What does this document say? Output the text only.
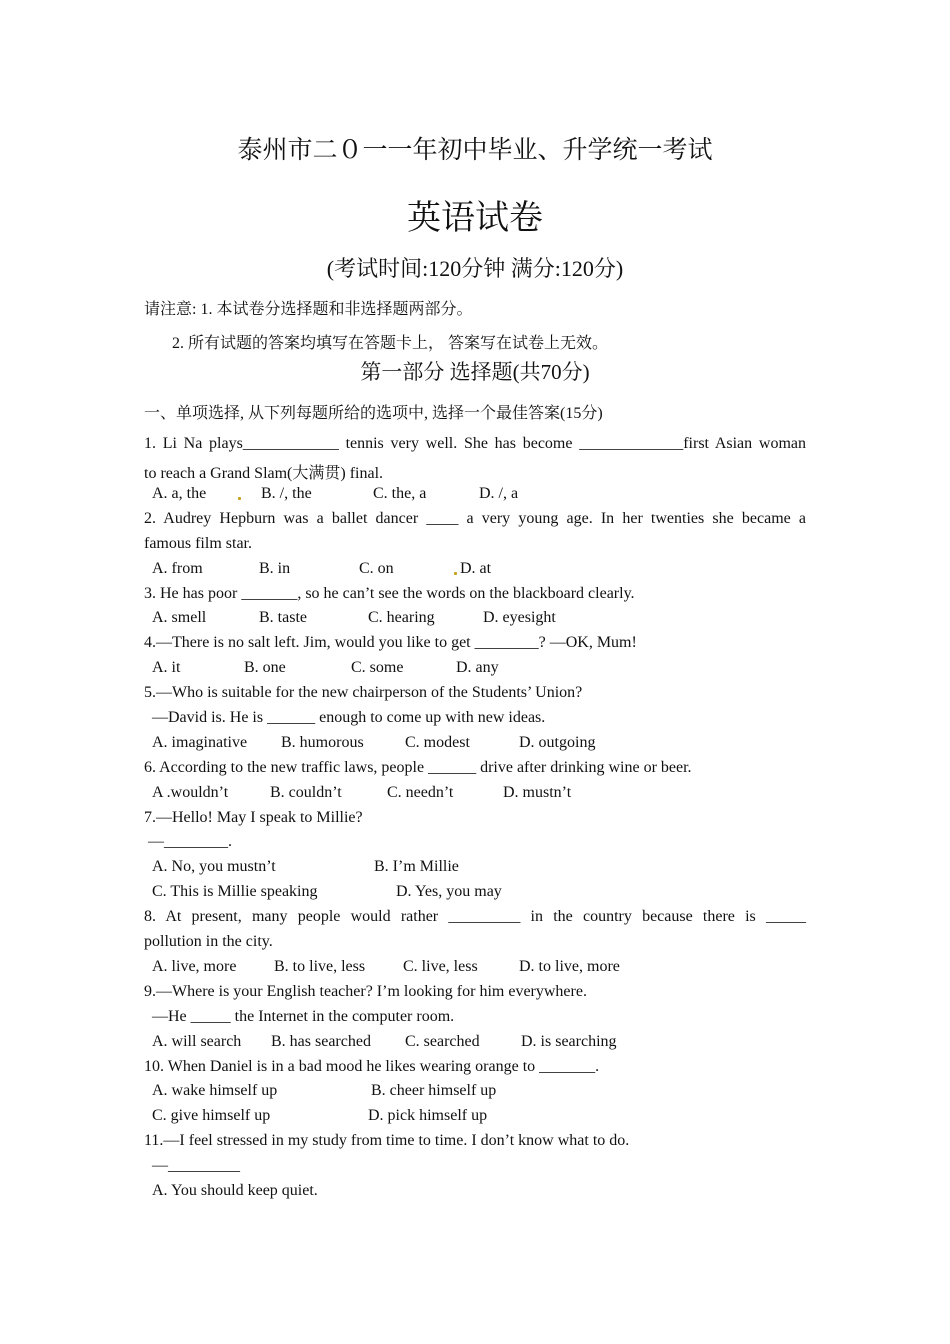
泰州市二０一一年初中毕业、升学统一考试
英语试卷
(考试时间:120分钟 满分:120分)
请注意: 1. 本试卷分选择题和非选择题两部分。
2. 所有试题的答案均填写在答题卡上， 答案写在试卷上无效。
第一部分 选择题(共70分)
一、单项选择, 从下列每题所给的选项中, 选择一个最佳答案(15分)
1. Li Na plays____________ tennis very well. She has become _____________first Asian woman
to reach a Grand Slam(大满贯) final.
A. a, the	B. /, the	C. the, a	D. /, a
2. Audrey Hepburn was a ballet dancer ____ a very young age. In her twenties she became a
famous film star.
A. from	B. in	C. on	D. at
3. He has poor _______, so he can’t see the words on the blackboard clearly.
A. smell	B. taste	C. hearing	D. eyesight
4.—There is no salt left. Jim, would you like to get ________? —OK, Mum!
A. it	B. one	C. some	D. any
5.—Who is suitable for the new chairperson of the Students’ Union?
—David is. He is ______ enough to come up with new ideas.
A. imaginative B. humorous	C. modest	D. outgoing
6. According to the new traffic laws, people ______ drive after drinking wine or beer.
A .wouldn’t	B. couldn’t	C. needn’t	D. mustn’t
7.—Hello! May I speak to Millie?
—________.
A. No, you mustn’t	B. I’m Millie
C. This is Millie speaking	D. Yes, you may
8. At present, many people would rather _________ in the country because there is _____
pollution in the city.
A. live, more B. to live, less C. live, less	D. to live, more
9.—Where is your English teacher? I’m looking for him everywhere.
—He _____ the Internet in the computer room.
A. will search B. has searched C. searched	D. is searching
10. When Daniel is in a bad mood he likes wearing orange to _______.
A. wake himself up	B. cheer himself up
C. give himself up	D. pick himself up
11.—I feel stressed in my study from time to time. I don’t know what to do.
—_________
A. You should keep quiet.
